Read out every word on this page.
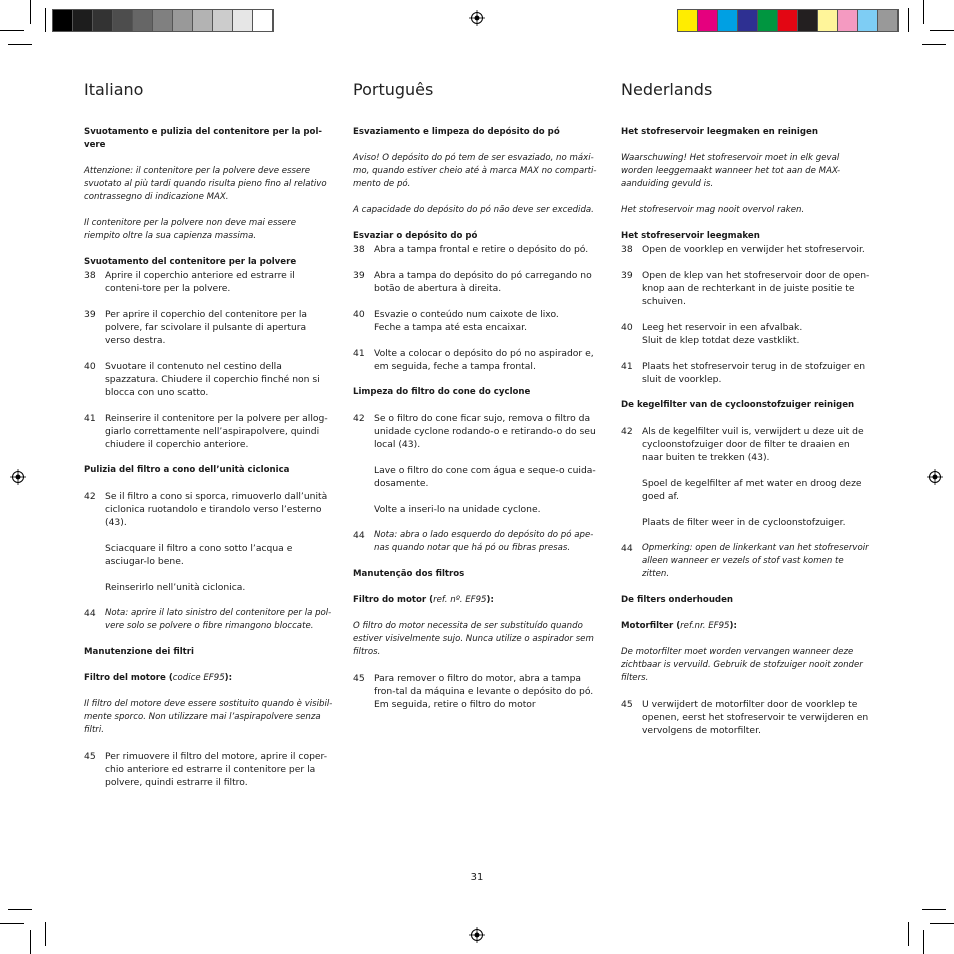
Italiano
Svuotamento e pulizia del contenitore per la pol-vere
Attenzione: il contenitore per la polvere deve essere svuotato al più tardi quando risulta pieno fino al relativo contrassegno di indicazione MAX.
Il contenitore per la polvere non deve mai essere riempito oltre la sua capienza massima.
Svuotamento del contenitore per la polvere
38	Aprire il coperchio anteriore ed estrarre il conteni-tore per la polvere.
39	Per aprire il coperchio del contenitore per la polvere, far scivolare il pulsante di apertura verso destra.
40	Svuotare il contenuto nel cestino della spazzatura. Chiudere il coperchio finché non si blocca con uno scatto.
41	Reinserire il contenitore per la polvere per allog-giarlo correttamente nell’aspirapolvere, quindi chiudere il coperchio anteriore.
Pulizia del filtro a cono dell’unità ciclonica
42	Se il filtro a cono si sporca, rimuoverlo dall’unità ciclonica ruotandolo e tirandolo verso l’esterno (43).
Sciacquare il filtro a cono sotto l’acqua e asciugar-lo bene.
Reinserirlo nell’unità ciclonica.
44	Nota: aprire il lato sinistro del contenitore per la pol-vere solo se polvere o fibre rimangono bloccate.
Manutenzione dei filtri
Filtro del motore (codice EF95):
Il filtro del motore deve essere sostituito quando è visibil-mente sporco. Non utilizzare mai l’aspirapolvere senza filtri.
45	Per rimuovere il filtro del motore, aprire il coper-chio anteriore ed estrarre il contenitore per la polvere, quindi estrarre il filtro.
Português
Esvaziamento e limpeza do depósito do pó
Aviso! O depósito do pó tem de ser esvaziado, no máxi-mo, quando estiver cheio até à marca MAX no comparti-mento de pó.
A capacidade do depósito do pó não deve ser excedida.
Esvaziar o depósito do pó
38	Abra a tampa frontal e retire o depósito do pó.
39	Abra a tampa do depósito do pó carregando no botão de abertura à direita.
40	Esvazie o conteúdo num caixote de lixo.
Feche a tampa até esta encaixar.
41	Volte a colocar o depósito do pó no aspirador e, em seguida, feche a tampa frontal.
Limpeza do filtro do cone do cyclone
42	Se o filtro do cone ficar sujo, remova o filtro da unidade cyclone rodando-o e retirando-o do seu local (43).
Lave o filtro do cone com água e seque-o cuida-dosamente.
Volte a inseri-lo na unidade cyclone.
44	Nota: abra o lado esquerdo do depósito do pó ape-nas quando notar que há pó ou fibras presas.
Manutenção dos filtros
Filtro do motor (ref. nº. EF95):
O filtro do motor necessita de ser substituído quando estiver visivelmente sujo. Nunca utilize o aspirador sem filtros.
45	Para remover o filtro do motor, abra a tampa fron-tal da máquina e levante o depósito do pó. Em seguida, retire o filtro do motor
Nederlands
Het stofreservoir leegmaken en reinigen
Waarschuwing! Het stofreservoir moet in elk geval worden leeggemaakt wanneer het tot aan de MAX-aanduiding gevuld is.
Het stofreservoir mag nooit overvol raken.
Het stofreservoir leegmaken
38	Open de voorklep en verwijder het stofreservoir.
39	Open de klep van het stofreservoir door de open-knop aan de rechterkant in de juiste positie te schuiven.
40	Leeg het reservoir in een afvalbak.
Sluit de klep totdat deze vastklikt.
41	Plaats het stofreservoir terug in de stofzuiger en sluit de voorklep.
De kegelfilter van de cycloonstofzuiger reinigen
42	Als de kegelfilter vuil is, verwijdert u deze uit de cycloonstofzuiger door de filter te draaien en naar buiten te trekken (43).
Spoel de kegelfilter af met water en droog deze goed af.
Plaats de filter weer in de cycloonstofzuiger.
44	Opmerking: open de linkerkant van het stofreservoir alleen wanneer er vezels of stof vast komen te zitten.
De filters onderhouden
Motorfilter (ref.nr. EF95):
De motorfilter moet worden vervangen wanneer deze zichtbaar is vervuild. Gebruik de stofzuiger nooit zonder filters.
45	U verwijdert de motorfilter door de voorklep te openen, eerst het stofreservoir te verwijderen en vervolgens de motorfilter.
31
